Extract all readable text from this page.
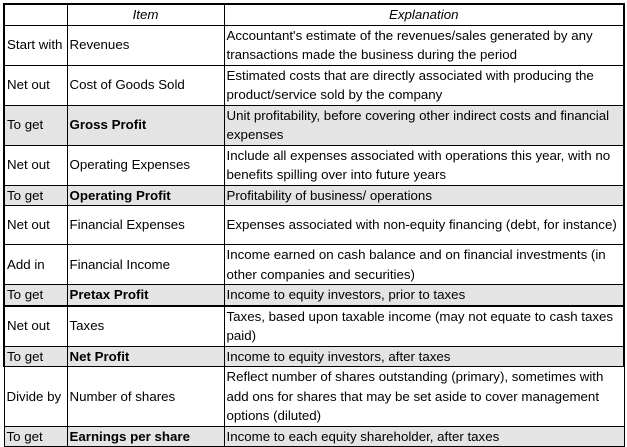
	Item	Explanation
Start with	Revenues	Accountant's estimate of the revenues/sales generated by any transactions made the business during the period
Net out	Cost of Goods Sold	Estimated costs that are directly associated with producing the product/service sold by the company
To get	Gross Profit	Unit profitability, before covering other indirect costs and financial expenses
Net out	Operating Expenses	Include all expenses associated with operations this year, with no benefits spilling over into future years
To get	Operating Profit	Profitability of business/ operations
Net out	Financial Expenses	Expenses associated with non-equity financing (debt, for instance)
Add in	Financial Income	Income earned on cash balance and on financial investments (in other companies and securities)
To get	Pretax Profit	Income to equity investors, prior to taxes
Net out	Taxes	Taxes, based upon taxable income (may not equate to cash taxes paid)
To get	Net Profit	Income to equity investors, after taxes
Divide by	Number of shares	Reflect number of shares outstanding (primary), sometimes with add ons for shares that may be set aside to cover management options (diluted)
To get	Earnings per share	Income to each equity shareholder, after taxes
